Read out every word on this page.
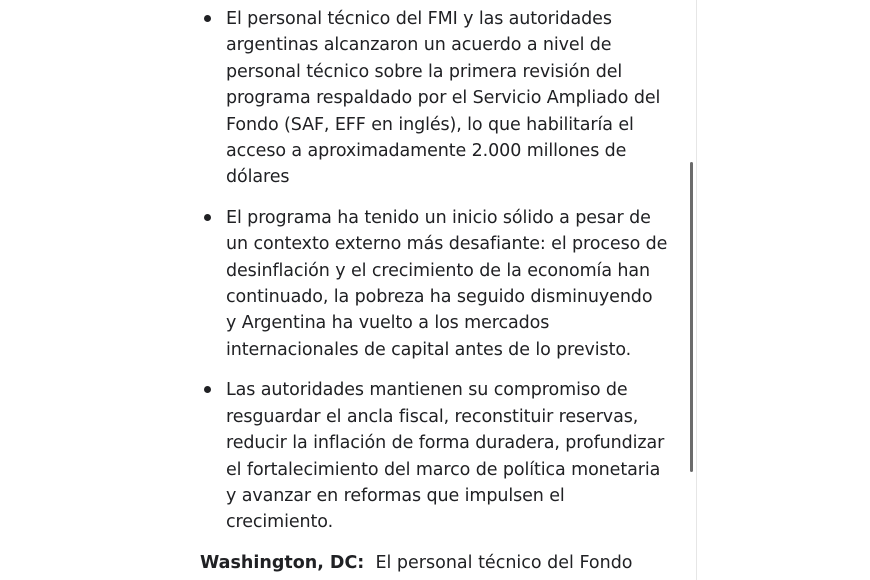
El personal técnico del FMI y las autoridades
argentinas alcanzaron un acuerdo a nivel de
personal técnico sobre la primera revisión del
programa respaldado por el Servicio Ampliado del
Fondo (SAF, EFF en inglés), lo que habilitaría el
acceso a aproximadamente 2.000 millones de
dólares
El programa ha tenido un inicio sólido a pesar de
un contexto externo más desafiante: el proceso de
desinflación y el crecimiento de la economía han
continuado, la pobreza ha seguido disminuyendo
y Argentina ha vuelto a los mercados
internacionales de capital antes de lo previsto.
Las autoridades mantienen su compromiso de
resguardar el ancla fiscal, reconstituir reservas,
reducir la inflación de forma duradera, profundizar
el fortalecimiento del marco de política monetaria
y avanzar en reformas que impulsen el
crecimiento.
Washington, DC: El personal técnico del Fondo
